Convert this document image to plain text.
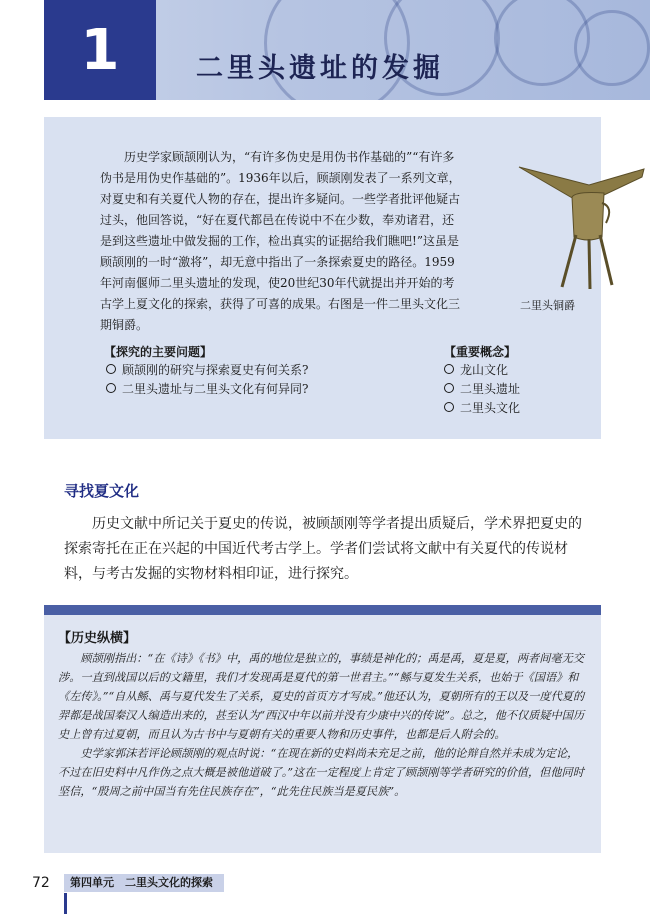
1	二里头遗址的发掘
历史学家顾颉刚认为，“有许多伪史是用伪书作基础的”“有许多伪书是用伪史作基础的”。1936年以后，顾颉刚发表了一系列文章，对夏史和有关夏代人物的存在，提出许多疑问。一些学者批评他疑古过头，他回答说，“好在夏代都邑在传说中不在少数，奉劝诸君，还是到这些遗址中做发掘的工作，检出真实的证据给我们瞧吧!”这虽是顾颉刚的一时“激将”，却无意中指出了一条探索夏史的路径。1959年河南偃师二里头遗址的发现，使20世纪30年代就提出并开始的考古学上夏文化的探索，获得了可喜的成果。右图是一件二里头文化三期铜爵。
二里头铜爵
【探究的主要问题】
顾颉刚的研究与探索夏史有何关系?
二里头遗址与二里头文化有何异同?
【重要概念】
龙山文化
二里头遗址
二里头文化
寻找夏文化

历史文献中所记关于夏史的传说，被顾颉刚等学者提出质疑后，学术界把夏史的探索寄托在正在兴起的中国近代考古学上。学者们尝试将文献中有关夏代的传说材料，与考古发掘的实物材料相印证，进行探究。

【历史纵横】

顾颉刚指出：“在《诗》《书》中，禹的地位是独立的，事绩是神化的；禹是禹，夏是夏，两者间毫无交涉。一直到战国以后的文籍里，我们才发现禹是夏代的第一世君主。”“鲧与夏发生关系，也始于《国语》和《左传》。”“自从鲧、禹与夏代发生了关系，夏史的首页方才写成。”他还认为，夏朝所有的王以及一度代夏的羿都是战国秦汉人编造出来的，甚至认为“西汉中年以前并没有少康中兴的传说”。总之，他不仅质疑中国历史上曾有过夏朝，而且认为古书中与夏朝有关的重要人物和历史事件，也都是后人附会的。

史学家郭沫若评论顾颉刚的观点时说：“在现在新的史料尚未充足之前，他的论辩自然并未成为定论，不过在旧史料中凡作伪之点大概是被他道破了。”这在一定程度上肯定了顾颉刚等学者研究的价值，但他同时坚信，“殷周之前中国当有先住民族存在”，“此先住民族当是夏民族”。

72	第四单元　二里头文化的探索
